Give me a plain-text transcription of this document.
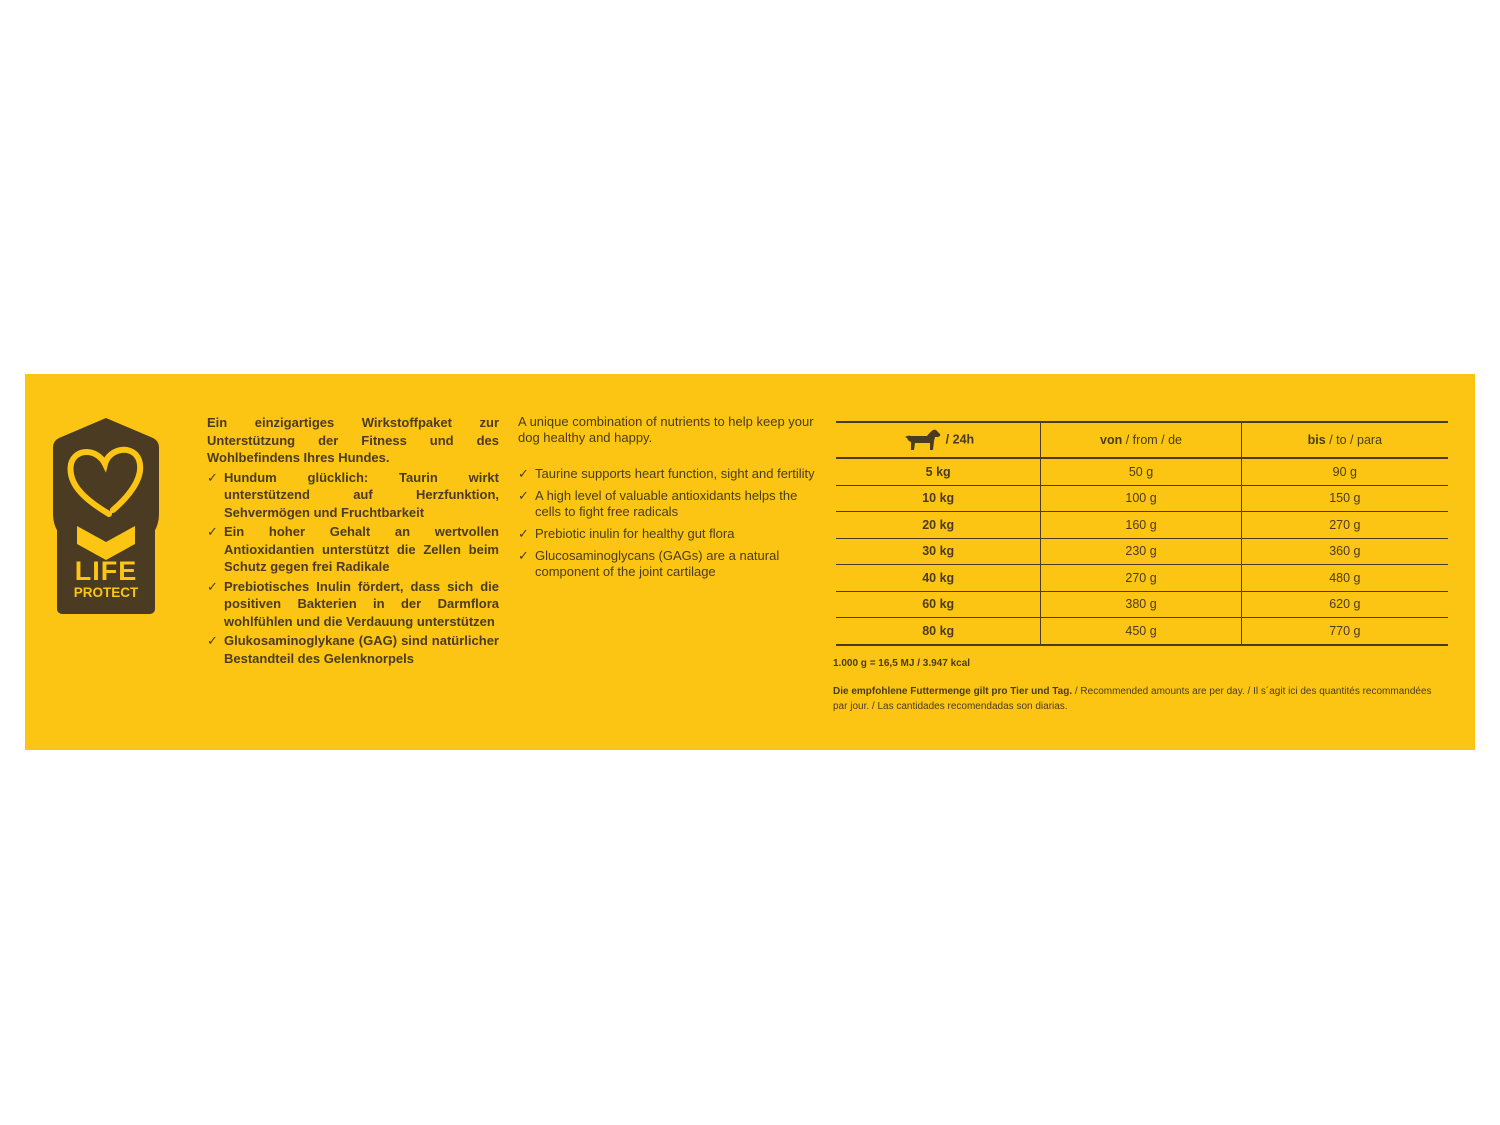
LIFE
PROTECT

Ein einzigartiges Wirkstoffpaket zur Unterstützung der Fitness und des Wohlbefindens Ihres Hundes.

✓ Hundum glücklich: Taurin wirkt unterstützend auf Herzfunktion, Sehvermögen und Fruchtbarkeit
✓ Ein hoher Gehalt an wertvollen Antioxidantien unterstützt die Zellen beim Schutz gegen frei Radikale
✓ Prebiotisches Inulin fördert, dass sich die positiven Bakterien in der Darmflora wohlfühlen und die Verdauung unterstützen
✓ Glukosaminoglykane (GAG) sind natürlicher Bestandteil des Gelenknorpels

A unique combination of nutrients to help keep your dog healthy and happy.

✓ Taurine supports heart function, sight and fertility
✓ A high level of valuable antioxidants helps the cells to fight free radicals
✓ Prebiotic inulin for healthy gut flora
✓ Glucosaminoglycans (GAGs) are a natural component of the joint cartilage
/ 24h	von / from / de	bis / to / para
5 kg	50 g	90 g
10 kg	100 g	150 g
20 kg	160 g	270 g
30 kg	230 g	360 g
40 kg	270 g	480 g
60 kg	380 g	620 g
80 kg	450 g	770 g
1.000 g = 16,5 MJ / 3.947 kcal
Die empfohlene Futtermenge gilt pro Tier und Tag. / Recommended amounts are per day. / Il s´agit ici des quantités recommandées par jour. / Las cantidades recomendadas son diarias.
